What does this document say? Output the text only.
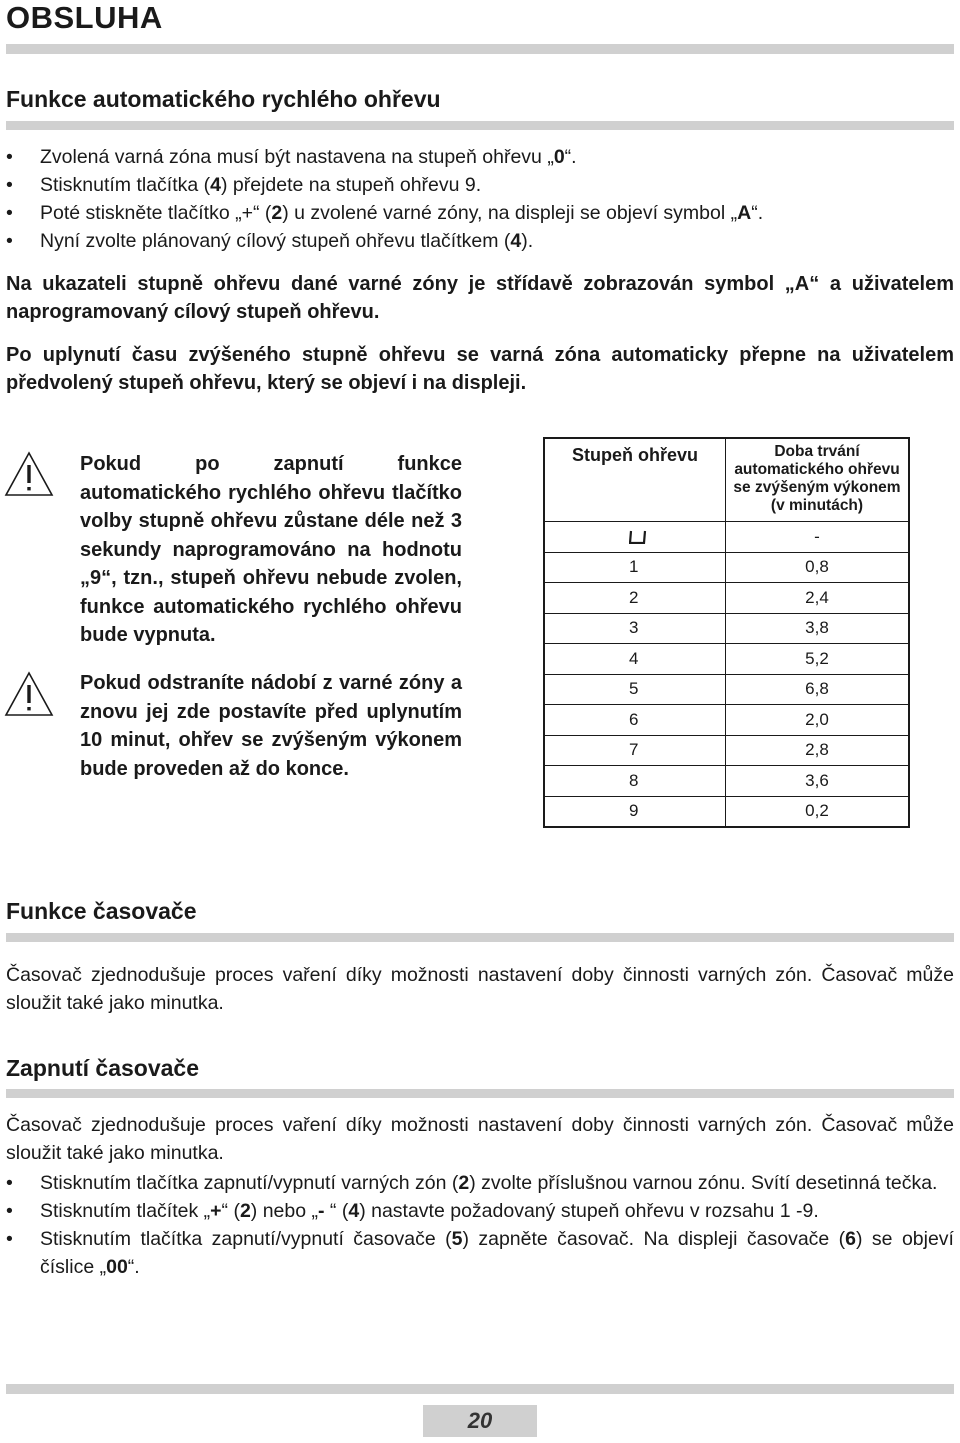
OBSLUHA
Funkce automatického rychlého ohřevu
• Zvolená varná zóna musí být nastavena na stupeň ohřevu „0“.
• Stisknutím tlačítka (4) přejdete na stupeň ohřevu 9.
• Poté stiskněte tlačítko „+“ (2) u zvolené varné zóny, na displeji se objeví symbol „A“.
• Nyní zvolte plánovaný cílový stupeň ohřevu tlačítkem (4).
Na ukazateli stupně ohřevu dané varné zóny je střídavě zobrazován symbol „A“ a uživatelem naprogramovaný cílový stupeň ohřevu.
Po uplynutí času zvýšeného stupně ohřevu se varná zóna automaticky přepne na uživatelem předvolený stupeň ohřevu, který se objeví i na displeji.
Pokud po zapnutí funkce automatického rychlého ohřevu tlačítko volby stupně ohřevu zůstane déle než 3 sekundy naprogramováno na hodnotu „9“, tzn., stupeň ohřevu nebude zvolen, funkce automatického rychlého ohřevu bude vypnuta.
Pokud odstraníte nádobí z varné zóny a znovu jej zde postavíte před uplynutím 10 minut, ohřev se zvýšeným výkonem bude proveden až do konce.
Stupeň ohřevu	Doba trvání automatického ohřevu se zvýšeným výkonem (v minutách)
	-
1	0,8
2	2,4
3	3,8
4	5,2
5	6,8
6	2,0
7	2,8
8	3,6
9	0,2
Funkce časovače
Časovač zjednodušuje proces vaření díky možnosti nastavení doby činnosti varných zón. Časovač může sloužit také jako minutka.
Zapnutí časovače
Časovač zjednodušuje proces vaření díky možnosti nastavení doby činnosti varných zón. Časovač může sloužit také jako minutka.
• Stisknutím tlačítka zapnutí/vypnutí varných zón (2) zvolte příslušnou varnou zónu. Svítí desetinná tečka.
• Stisknutím tlačítek „+“ (2) nebo „- “ (4) nastavte požadovaný stupeň ohřevu v rozsahu 1 -9.
• Stisknutím tlačítka zapnutí/vypnutí časovače (5) zapněte časovač. Na displeji časovače (6) se objeví číslice „00“.
20
